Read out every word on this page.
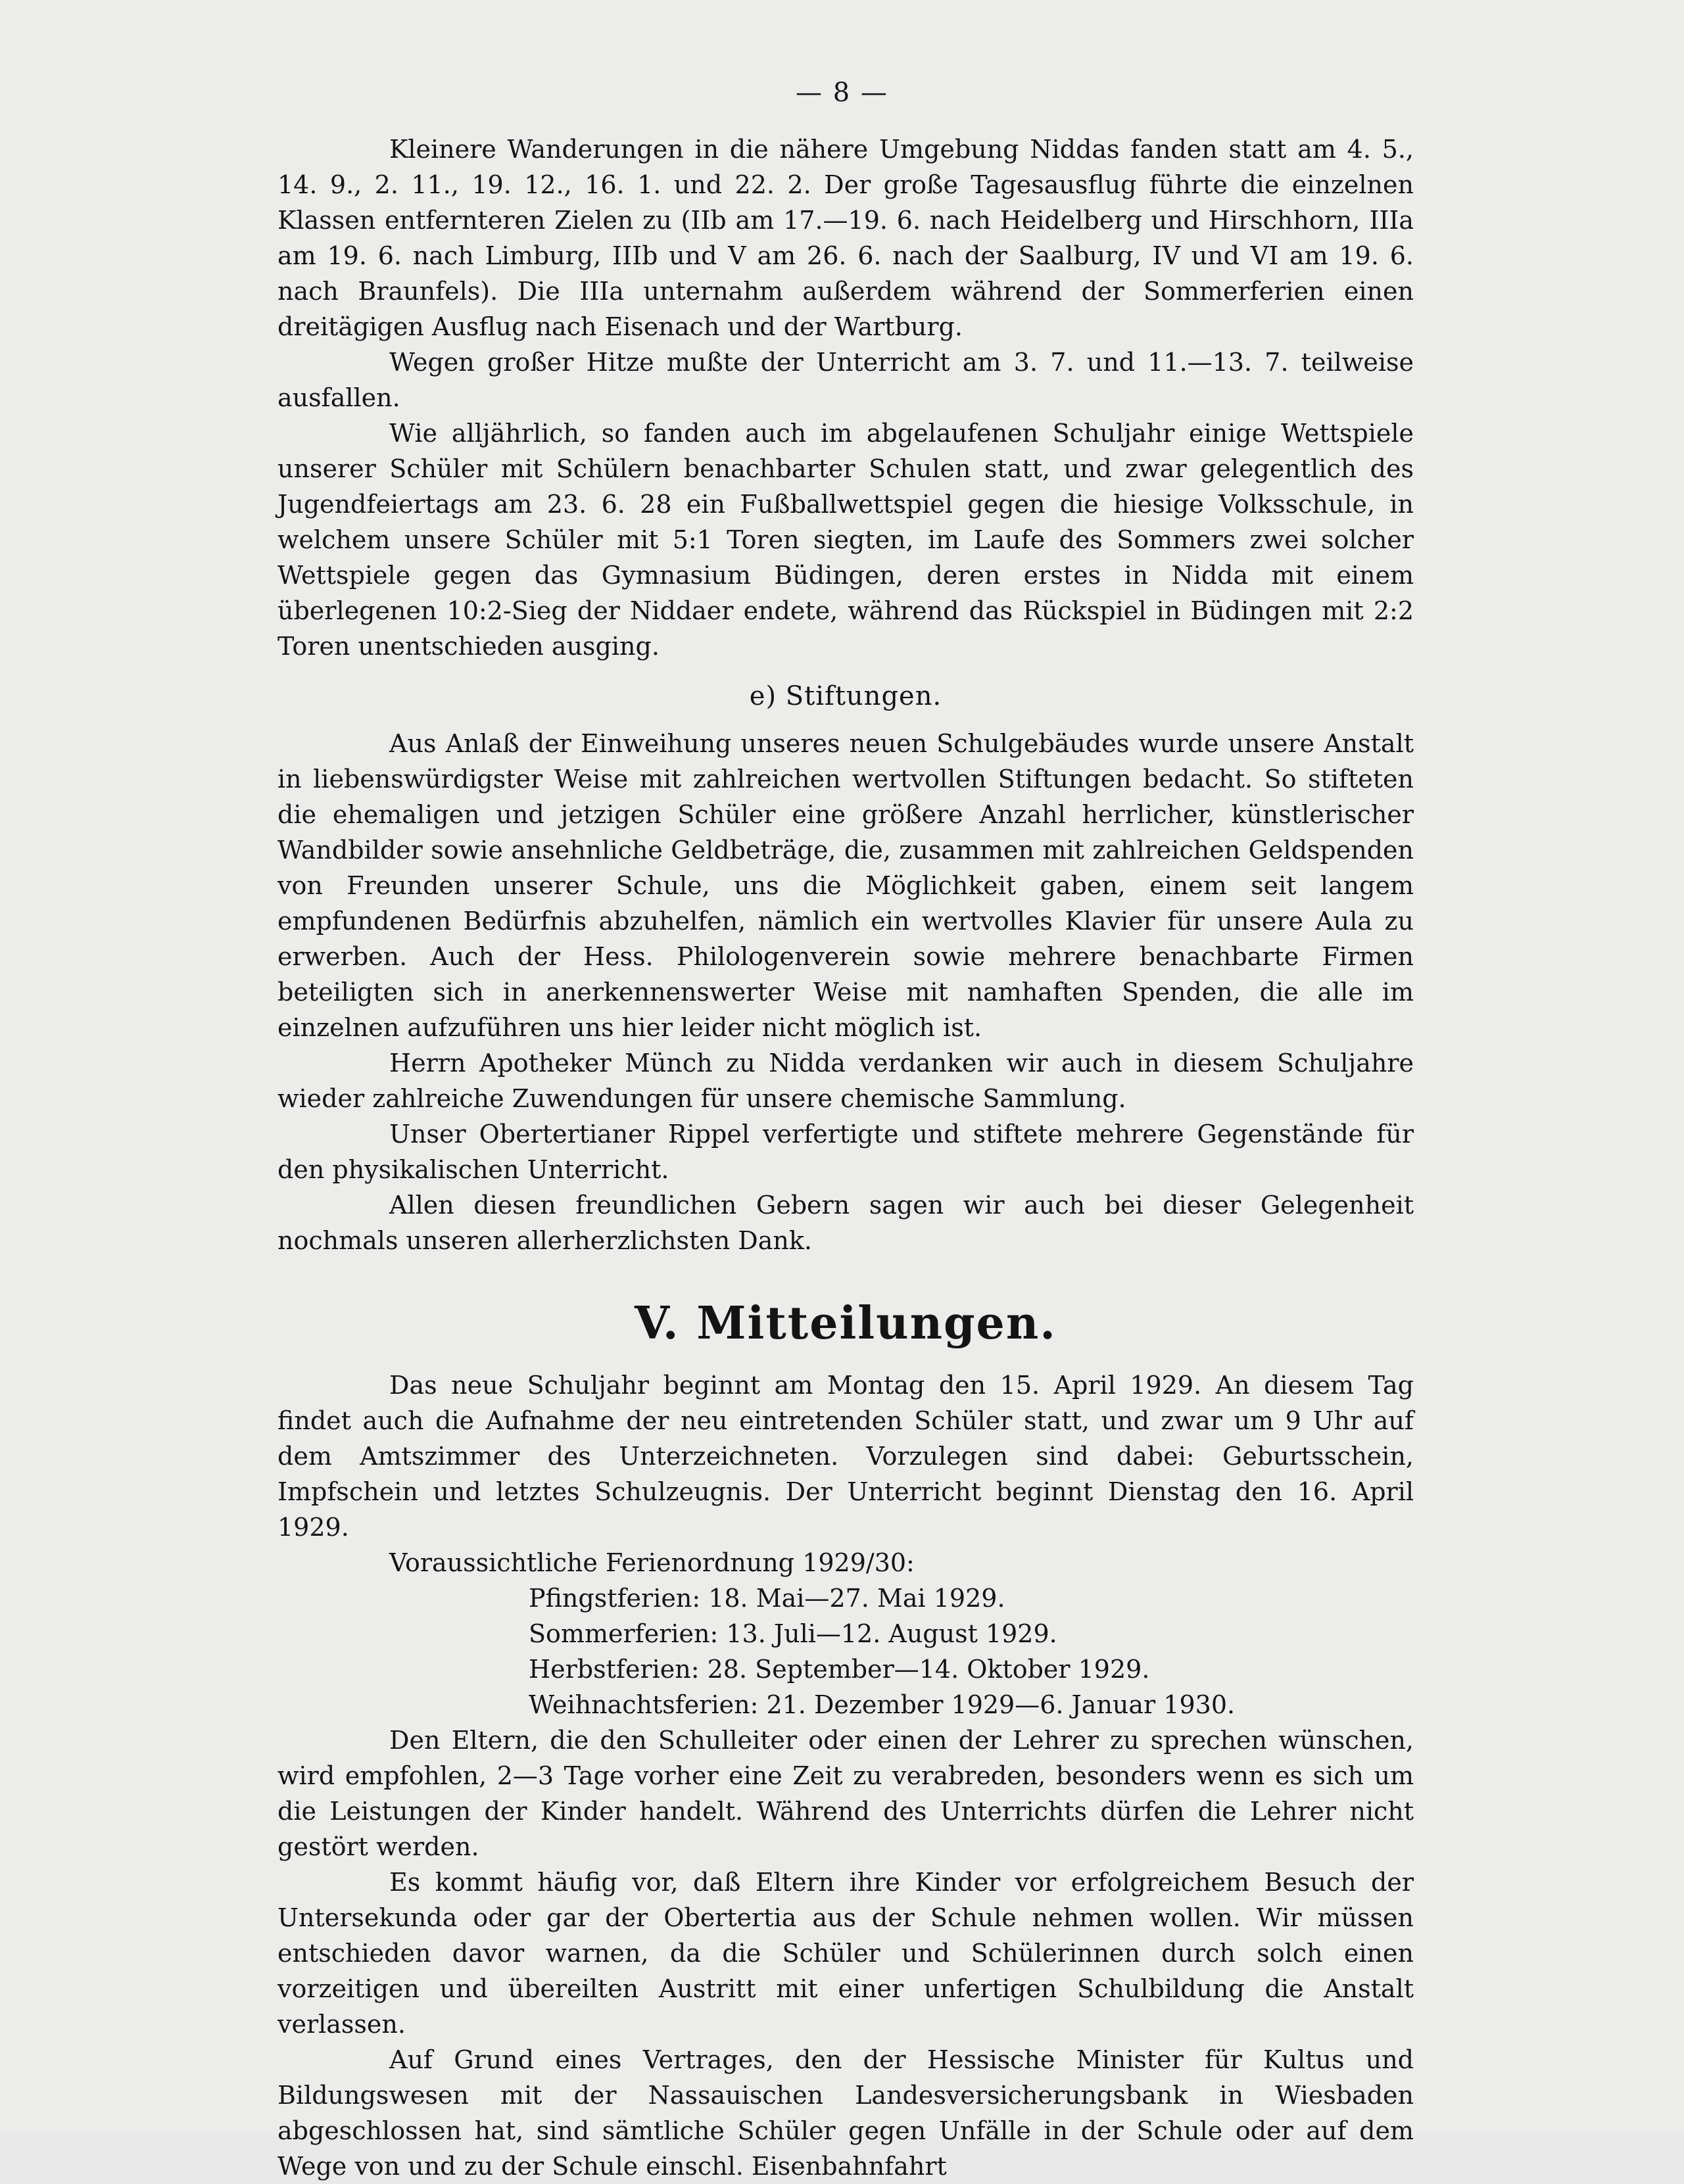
— 8 —

Kleinere Wanderungen in die nähere Umgebung Niddas fanden statt am 4. 5., 14. 9., 2. 11., 19. 12., 16. 1. und 22. 2. Der große Tagesausflug führte die einzelnen Klassen entfernteren Zielen zu (IIb am 17.—19. 6. nach Heidelberg und Hirschhorn, IIIa am 19. 6. nach Limburg, IIIb und V am 26. 6. nach der Saalburg, IV und VI am 19. 6. nach Braunfels). Die IIIa unternahm außerdem während der Sommerferien einen dreitägigen Ausflug nach Eisenach und der Wartburg.

Wegen großer Hitze mußte der Unterricht am 3. 7. und 11.—13. 7. teilweise ausfallen.

Wie alljährlich, so fanden auch im abgelaufenen Schuljahr einige Wettspiele unserer Schüler mit Schülern benachbarter Schulen statt, und zwar gelegentlich des Jugendfeiertags am 23. 6. 28 ein Fußballwettspiel gegen die hiesige Volksschule, in welchem unsere Schüler mit 5:1 Toren siegten, im Laufe des Sommers zwei solcher Wettspiele gegen das Gymnasium Büdingen, deren erstes in Nidda mit einem überlegenen 10:2-Sieg der Niddaer endete, während das Rückspiel in Büdingen mit 2:2 Toren unentschieden ausging.

e) Stiftungen.

Aus Anlaß der Einweihung unseres neuen Schulgebäudes wurde unsere Anstalt in liebenswürdigster Weise mit zahlreichen wertvollen Stiftungen bedacht. So stifteten die ehemaligen und jetzigen Schüler eine größere Anzahl herrlicher, künstlerischer Wandbilder sowie ansehnliche Geldbeträge, die, zusammen mit zahlreichen Geldspenden von Freunden unserer Schule, uns die Möglichkeit gaben, einem seit langem empfundenen Bedürfnis abzuhelfen, nämlich ein wertvolles Klavier für unsere Aula zu erwerben. Auch der Hess. Philologenverein sowie mehrere benachbarte Firmen beteiligten sich in anerkennenswerter Weise mit namhaften Spenden, die alle im einzelnen aufzuführen uns hier leider nicht möglich ist.

Herrn Apotheker Münch zu Nidda verdanken wir auch in diesem Schuljahre wieder zahlreiche Zuwendungen für unsere chemische Sammlung.

Unser Obertertianer Rippel verfertigte und stiftete mehrere Gegenstände für den physikalischen Unterricht.

Allen diesen freundlichen Gebern sagen wir auch bei dieser Gelegenheit nochmals unseren allerherzlichsten Dank.

V. Mitteilungen.

Das neue Schuljahr beginnt am Montag den 15. April 1929. An diesem Tag findet auch die Aufnahme der neu eintretenden Schüler statt, und zwar um 9 Uhr auf dem Amtszimmer des Unterzeichneten. Vorzulegen sind dabei: Geburtsschein, Impfschein und letztes Schulzeugnis. Der Unterricht beginnt Dienstag den 16. April 1929.

Voraussichtliche Ferienordnung 1929/30:

Pfingstferien: 18. Mai—27. Mai 1929.
Sommerferien: 13. Juli—12. August 1929.
Herbstferien: 28. September—14. Oktober 1929.
Weihnachtsferien: 21. Dezember 1929—6. Januar 1930.

Den Eltern, die den Schulleiter oder einen der Lehrer zu sprechen wünschen, wird empfohlen, 2—3 Tage vorher eine Zeit zu verabreden, besonders wenn es sich um die Leistungen der Kinder handelt. Während des Unterrichts dürfen die Lehrer nicht gestört werden.

Es kommt häufig vor, daß Eltern ihre Kinder vor erfolgreichem Besuch der Untersekunda oder gar der Obertertia aus der Schule nehmen wollen. Wir müssen entschieden davor warnen, da die Schüler und Schülerinnen durch solch einen vorzeitigen und übereilten Austritt mit einer unfertigen Schulbildung die Anstalt verlassen.

Auf Grund eines Vertrages, den der Hessische Minister für Kultus und Bildungswesen mit der Nassauischen Landesversicherungsbank in Wiesbaden abgeschlossen hat, sind sämtliche Schüler gegen Unfälle in der Schule oder auf dem Wege von und zu der Schule einschl. Eisenbahnfahrt
